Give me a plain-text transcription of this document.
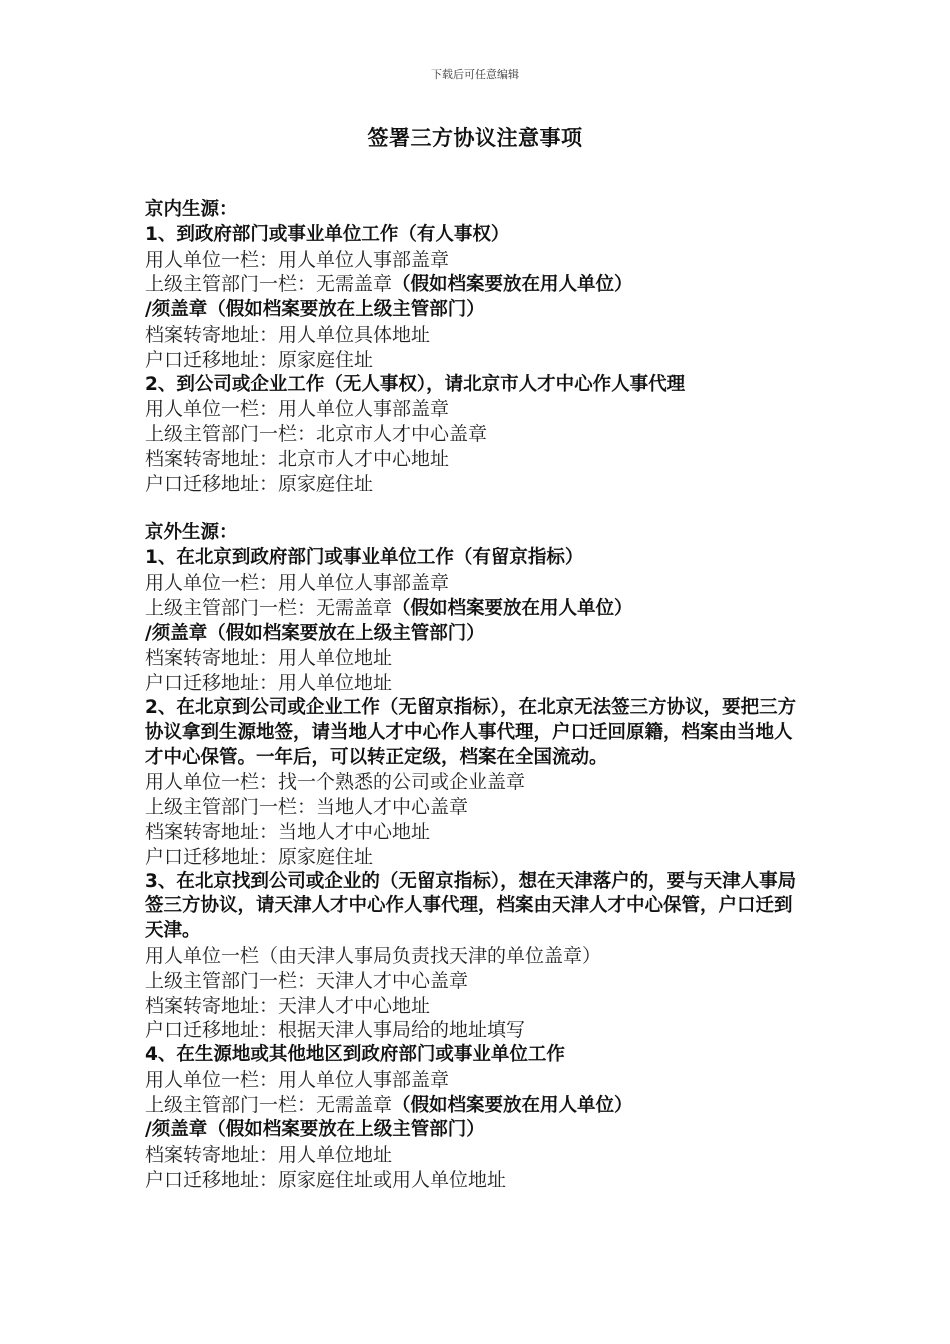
下载后可任意编辑
签署三方协议注意事项
京内生源：
1、到政府部门或事业单位工作（有人事权）
用人单位一栏：用人单位人事部盖章
上级主管部门一栏：无需盖章（假如档案要放在用人单位）
/须盖章（假如档案要放在上级主管部门）
档案转寄地址：用人单位具体地址
户口迁移地址：原家庭住址
2、到公司或企业工作（无人事权），请北京市人才中心作人事代理
用人单位一栏：用人单位人事部盖章
上级主管部门一栏：北京市人才中心盖章
档案转寄地址：北京市人才中心地址
户口迁移地址：原家庭住址
京外生源：
1、在北京到政府部门或事业单位工作（有留京指标）
用人单位一栏：用人单位人事部盖章
上级主管部门一栏：无需盖章（假如档案要放在用人单位）
/须盖章（假如档案要放在上级主管部门）
档案转寄地址：用人单位地址
户口迁移地址：用人单位地址
2、在北京到公司或企业工作（无留京指标），在北京无法签三方协议，要把三方协议拿到生源地签，请当地人才中心作人事代理，户口迁回原籍，档案由当地人才中心保管。一年后，可以转正定级，档案在全国流动。
用人单位一栏：找一个熟悉的公司或企业盖章
上级主管部门一栏：当地人才中心盖章
档案转寄地址：当地人才中心地址
户口迁移地址：原家庭住址
3、在北京找到公司或企业的（无留京指标），想在天津落户的，要与天津人事局签三方协议，请天津人才中心作人事代理，档案由天津人才中心保管，户口迁到天津。
用人单位一栏（由天津人事局负责找天津的单位盖章）
上级主管部门一栏：天津人才中心盖章
档案转寄地址：天津人才中心地址
户口迁移地址：根据天津人事局给的地址填写
4、在生源地或其他地区到政府部门或事业单位工作
用人单位一栏：用人单位人事部盖章
上级主管部门一栏：无需盖章（假如档案要放在用人单位）
/须盖章（假如档案要放在上级主管部门）
档案转寄地址：用人单位地址
户口迁移地址：原家庭住址或用人单位地址
